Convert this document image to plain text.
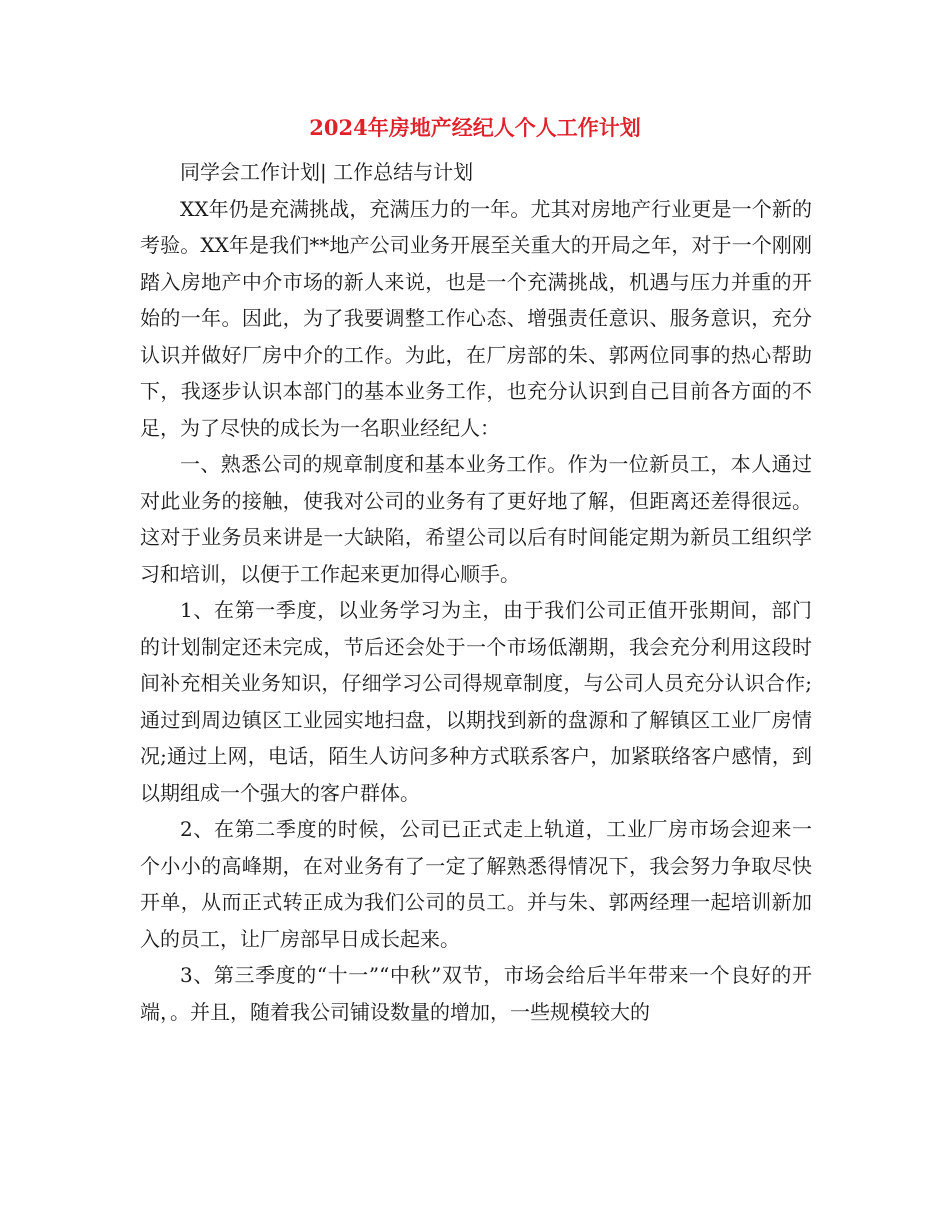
2024年房地产经纪人个人工作计划

同学会工作计划| 工作总结与计划

XX年仍是充满挑战，充满压力的一年。尤其对房地产行业更是一个新的考验。XX年是我们**地产公司业务开展至关重大的开局之年，对于一个刚刚踏入房地产中介市场的新人来说，也是一个充满挑战，机遇与压力并重的开始的一年。因此，为了我要调整工作心态、增强责任意识、服务意识，充分认识并做好厂房中介的工作。为此，在厂房部的朱、郭两位同事的热心帮助下，我逐步认识本部门的基本业务工作，也充分认识到自己目前各方面的不足，为了尽快的成长为一名职业经纪人：

一、熟悉公司的规章制度和基本业务工作。作为一位新员工，本人通过对此业务的接触，使我对公司的业务有了更好地了解，但距离还差得很远。这对于业务员来讲是一大缺陷，希望公司以后有时间能定期为新员工组织学习和培训，以便于工作起来更加得心顺手。

1、在第一季度，以业务学习为主，由于我们公司正值开张期间，部门的计划制定还未完成，节后还会处于一个市场低潮期，我会充分利用这段时间补充相关业务知识，仔细学习公司得规章制度，与公司人员充分认识合作;通过到周边镇区工业园实地扫盘，以期找到新的盘源和了解镇区工业厂房情况;通过上网，电话，陌生人访问多种方式联系客户，加紧联络客户感情，到以期组成一个强大的客户群体。

2、在第二季度的时候，公司已正式走上轨道，工业厂房市场会迎来一个小小的高峰期，在对业务有了一定了解熟悉得情况下，我会努力争取尽快开单，从而正式转正成为我们公司的员工。并与朱、郭两经理一起培训新加入的员工，让厂房部早日成长起来。

3、第三季度的“十一”“中秋”双节，市场会给后半年带来一个良好的开端，。并且，随着我公司铺设数量的增加，一些规模较大的
